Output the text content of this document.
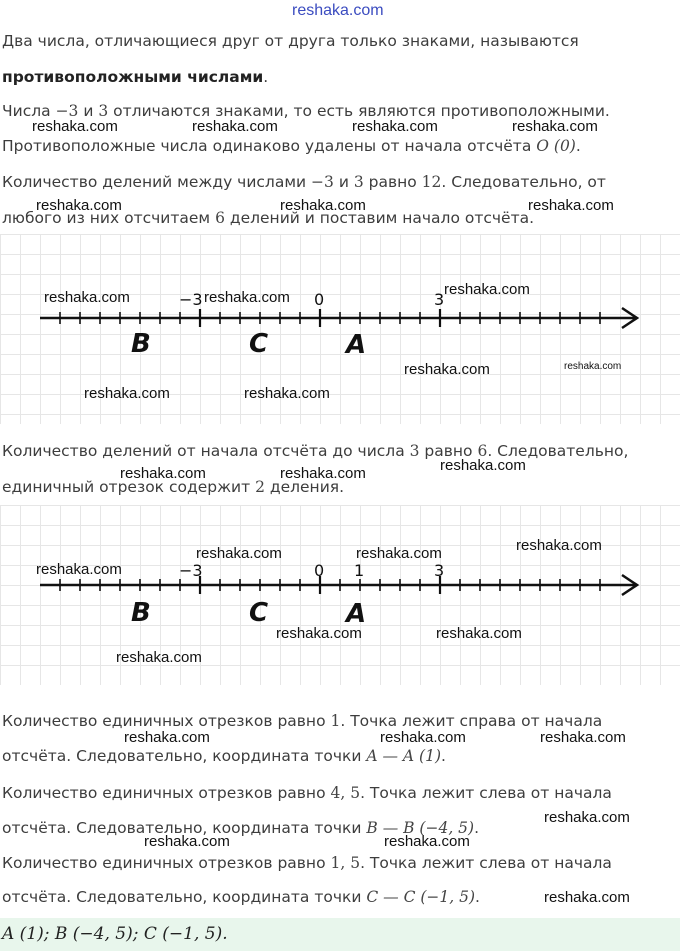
reshaka.com
Два числа, отличающиеся друг от друга только знаками, называются
противоположными числами.
Числа −3 и 3 отличаются знаками, то есть являются противоположными.
Противоположные числа одинаково удалены от начала отсчёта O (0).
Количество делений между числами −3 и 3 равно 12. Следовательно, от
любого из них отсчитаем 6 делений и поставим начало отсчёта.
−3	0	3
B	C	A
Количество делений от начала отсчёта до числа 3 равно 6. Следовательно,
единичный отрезок содержит 2 деления.
−3	0 1	3
B	C	A
Количество единичных отрезков равно 1. Точка лежит справа от начала
отсчёта. Следовательно, координата точки A — A (1).
Количество единичных отрезков равно 4, 5. Точка лежит слева от начала
отсчёта. Следовательно, координата точки B — B (−4, 5).
Количество единичных отрезков равно 1, 5. Точка лежит слева от начала
отсчёта. Следовательно, координата точки C — C (−1, 5).
A (1); B (−4, 5); C (−1, 5).
reshaka.com	reshaka.com	reshaka.com	reshaka.com
reshaka.com	reshaka.com	reshaka.com
reshaka.com	reshaka.com	reshaka.com
reshaka.com	reshaka.com
reshaka.com	reshaka.com
reshaka.com	reshaka.com	reshaka.com
reshaka.com	reshaka.com	reshaka.com
reshaka.com
reshaka.com	reshaka.com
reshaka.com
reshaka.com	reshaka.com	reshaka.com
reshaka.com
reshaka.com	reshaka.com
reshaka.com
